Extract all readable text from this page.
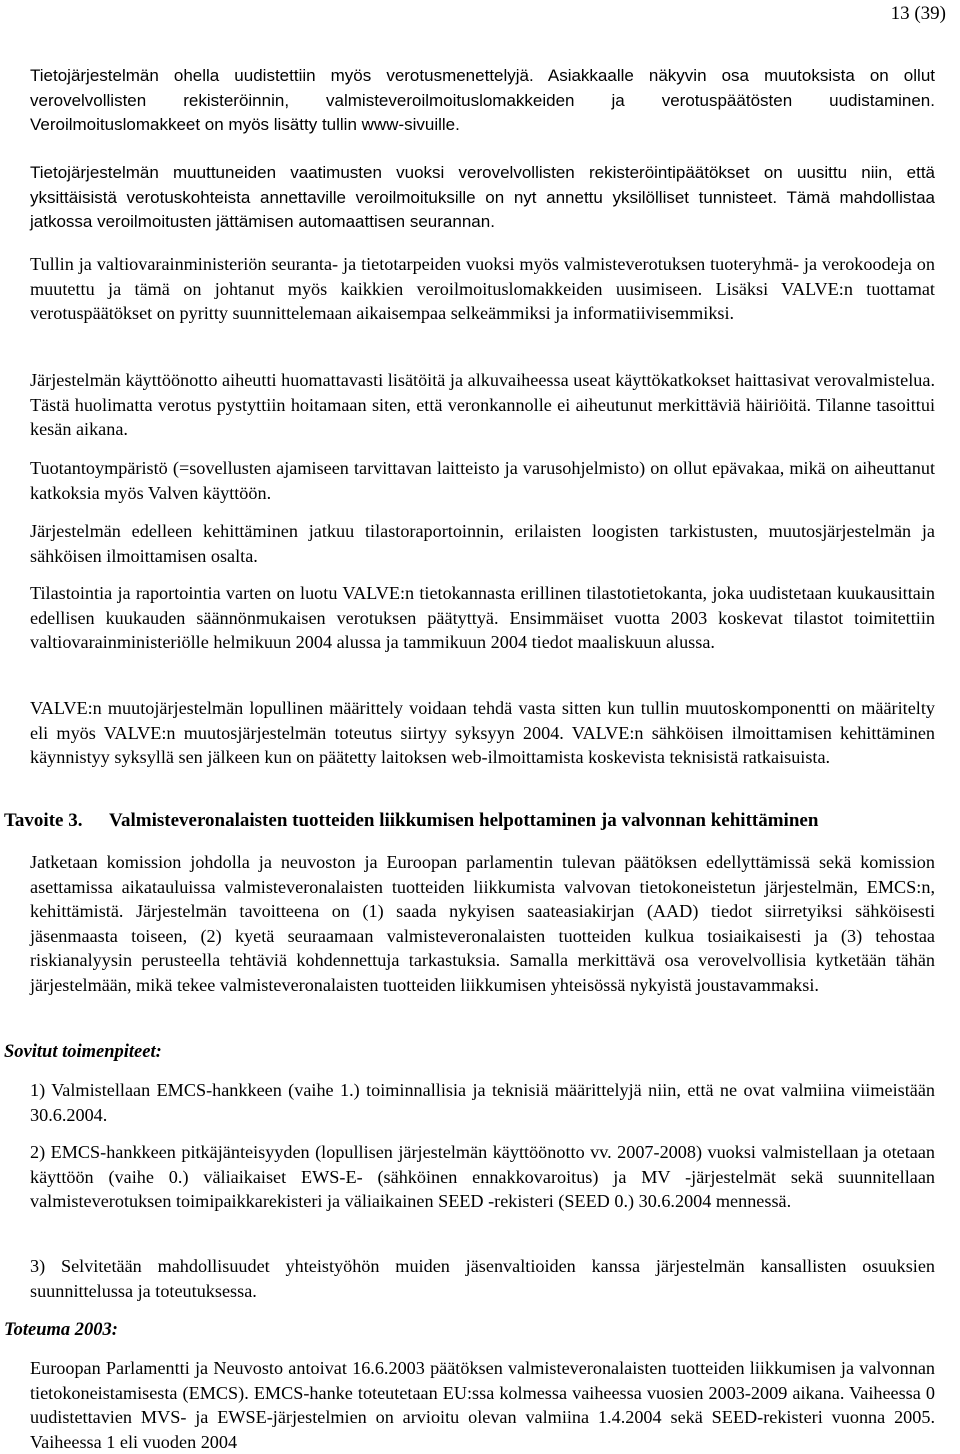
13 (39)

Tietojärjestelmän ohella uudistettiin myös verotusmenettelyjä. Asiakkaalle näkyvin osa muutoksista on ollut verovelvollisten rekisteröinnin, valmisteveroilmoituslomakkeiden ja verotuspäätösten uudistaminen. Veroilmoituslomakkeet on myös lisätty tullin www-sivuille.

Tietojärjestelmän muuttuneiden vaatimusten vuoksi verovelvollisten rekisteröintipäätökset on uusittu niin, että yksittäisistä verotuskohteista annettaville veroilmoituksille on nyt annettu yksilölliset tunnisteet. Tämä mahdollistaa jatkossa veroilmoitusten jättämisen automaattisen seurannan.

Tullin ja valtiovarainministeriön seuranta- ja tietotarpeiden vuoksi myös valmisteverotuksen tuoteryhmä- ja verokoodeja on muutettu ja tämä on johtanut myös kaikkien veroilmoituslomakkeiden uusimiseen. Lisäksi VALVE:n tuottamat verotuspäätökset on pyritty suunnittelemaan aikaisempaa selkeämmiksi ja informatiivisemmiksi.

Järjestelmän käyttöönotto aiheutti huomattavasti lisätöitä ja alkuvaiheessa useat käyttökatkokset haittasivat verovalmistelua. Tästä huolimatta verotus pystyttiin hoitamaan siten, että veronkannolle ei aiheutunut merkittäviä häiriöitä. Tilanne tasoittui kesän aikana.

Tuotantoympäristö (=sovellusten ajamiseen tarvittavan laitteisto ja varusohjelmisto) on ollut epävakaa, mikä on aiheuttanut katkoksia myös Valven käyttöön.

Järjestelmän edelleen kehittäminen jatkuu tilastoraportoinnin, erilaisten loogisten tarkistusten, muutosjärjestelmän ja sähköisen ilmoittamisen osalta.

Tilastointia ja raportointia varten on luotu VALVE:n tietokannasta erillinen tilastotietokanta, joka uudistetaan kuukausittain edellisen kuukauden säännönmukaisen verotuksen päätyttyä. Ensimmäiset vuotta 2003 koskevat tilastot toimitettiin valtiovarainministeriölle helmikuun 2004 alussa ja tammikuun 2004 tiedot maaliskuun alussa.

VALVE:n muutojärjestelmän lopullinen määrittely voidaan tehdä vasta sitten kun tullin muutoskomponentti on määritelty eli myös VALVE:n muutosjärjestelmän toteutus siirtyy syksyyn 2004. VALVE:n sähköisen ilmoittamisen kehittäminen käynnistyy syksyllä sen jälkeen kun on päätetty laitoksen web-ilmoittamista koskevista teknisistä ratkaisuista.

Tavoite 3. Valmisteveronalaisten tuotteiden liikkumisen helpottaminen ja valvonnan kehittäminen

Jatketaan komission johdolla ja neuvoston ja Euroopan parlamentin tulevan päätöksen edellyttämissä sekä komission asettamissa aikatauluissa valmisteveronalaisten tuotteiden liikkumista valvovan tietokoneistetun järjestelmän, EMCS:n, kehittämistä. Järjestelmän tavoitteena on (1) saada nykyisen saateasiakirjan (AAD) tiedot siirretyiksi sähköisesti jäsenmaasta toiseen, (2) kyetä seuraamaan valmisteveronalaisten tuotteiden kulkua tosiaikaisesti ja (3) tehostaa riskianalyysin perusteella tehtäviä kohdennettuja tarkastuksia. Samalla merkittävä osa verovelvollisia kytketään tähän järjestelmään, mikä tekee valmisteveronalaisten tuotteiden liikkumisen yhteisössä nykyistä joustavammaksi.

Sovitut toimenpiteet:

1) Valmistellaan EMCS-hankkeen (vaihe 1.) toiminnallisia ja teknisiä määrittelyjä niin, että ne ovat valmiina viimeistään 30.6.2004.

2) EMCS-hankkeen pitkäjänteisyyden (lopullisen järjestelmän käyttöönotto vv. 2007-2008) vuoksi valmistellaan ja otetaan käyttöön (vaihe 0.) väliaikaiset EWS-E- (sähköinen ennakkovaroitus) ja MV -järjestelmät sekä suunnitellaan valmisteverotuksen toimipaikkarekisteri ja väliaikainen SEED -rekisteri (SEED 0.) 30.6.2004 mennessä.

3) Selvitetään mahdollisuudet yhteistyöhön muiden jäsenvaltioiden kanssa järjestelmän kansallisten osuuksien suunnittelussa ja toteutuksessa.

Toteuma 2003:

Euroopan Parlamentti ja Neuvosto antoivat 16.6.2003 päätöksen valmisteveronalaisten tuotteiden liikkumisen ja valvonnan tietokoneistamisesta (EMCS). EMCS-hanke toteutetaan EU:ssa kolmessa vaiheessa vuosien 2003-2009 aikana. Vaiheessa 0 uudistettavien MVS- ja EWSE-järjestelmien on arvioitu olevan valmiina 1.4.2004 sekä SEED-rekisteri vuonna 2005. Vaiheessa 1 eli vuoden 2004
